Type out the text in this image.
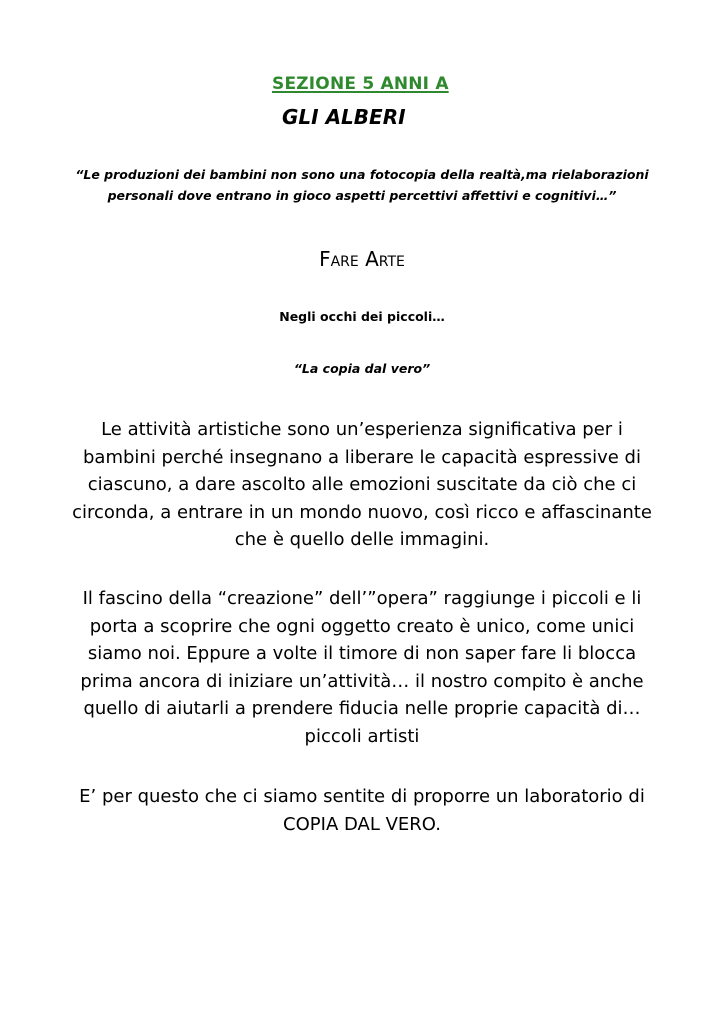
SEZIONE 5 ANNI A
GLI ALBERI
“Le produzioni dei bambini non sono una fotocopia della realtà,ma rielaborazioni personali dove entrano in gioco aspetti percettivi affettivi e cognitivi…”
Fare Arte
Negli occhi dei piccoli…
“La copia dal vero”

Le attività artistiche sono un’esperienza significativa per i bambini perché insegnano a liberare le capacità espressive di ciascuno, a dare ascolto alle emozioni suscitate da ciò che ci circonda, a entrare in un mondo nuovo, così ricco e affascinante che è quello delle immagini.

Il fascino della “creazione” dell’”opera” raggiunge i piccoli e li porta a scoprire che ogni oggetto creato è unico, come unici siamo noi. Eppure a volte il timore di non saper fare li blocca prima ancora di iniziare un’attività… il nostro compito è anche quello di aiutarli a prendere fiducia nelle proprie capacità di… piccoli artisti

E’ per questo che ci siamo sentite di proporre un laboratorio di COPIA DAL VERO.
